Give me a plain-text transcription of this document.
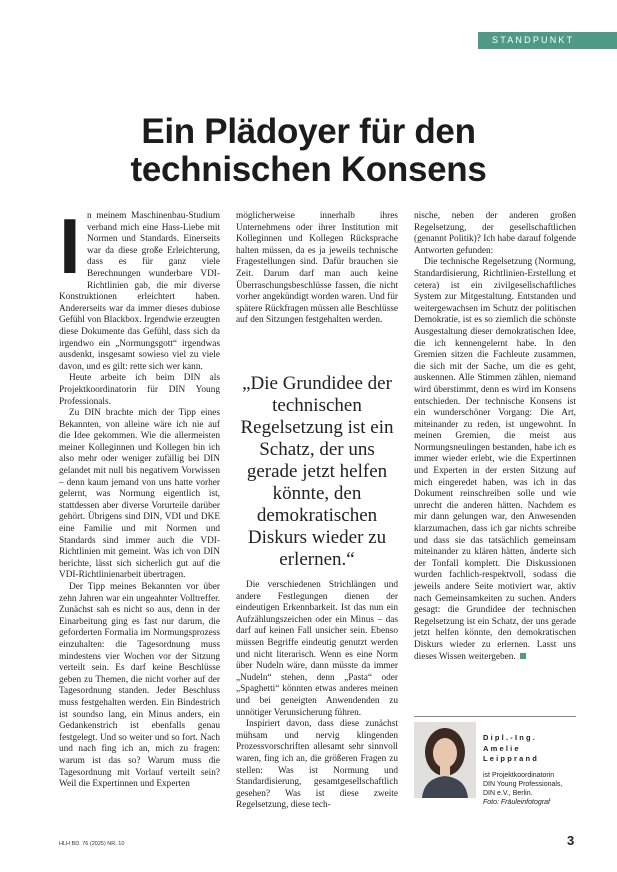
STANDPUNKT
Ein Plädoyer für den
technischen Konsens
I n meinem Maschinenbau-Studium verband mich eine Hass-Liebe mit Normen und Standards. Einerseits war da diese große Erleichterung, dass es für ganz viele Berechnungen wunderbare VDI-Richtlinien gab, die mir diverse Konstruktionen erleichtert haben. Andererseits war da immer dieses dubiose Gefühl von Blackbox. Irgendwie erzeugten diese Dokumente das Gefühl, dass sich da irgendwo ein „Normungsgott“ irgendwas ausdenkt, insgesamt sowieso viel zu viele davon, und es gilt: rette sich wer kann.

Heute arbeite ich beim DIN als Projektkoordinatorin für DIN Young Professionals.

Zu DIN brachte mich der Tipp eines Bekannten, von alleine wäre ich nie auf die Idee gekommen. Wie die allermeisten meiner Kolleginnen und Kollegen bin ich also mehr oder weniger zufällig bei DIN gelandet mit null bis negativem Vorwissen – denn kaum jemand von uns hatte vorher gelernt, was Normung eigentlich ist, stattdessen aber diverse Vorurteile darüber gehört. Übrigens sind DIN, VDI und DKE eine Familie und mit Normen und Standards sind immer auch die VDI-Richtlinien mit gemeint. Was ich von DIN berichte, lässt sich sicherlich gut auf die VDI-Richtlinienarbeit übertragen.

Der Tipp meines Bekannten vor über zehn Jahren war ein ungeahnter Volltreffer. Zunächst sah es nicht so aus, denn in der Einarbeitung ging es fast nur darum, die geforderten Formalia im Normungsprozess einzuhalten: die Tagesordnung muss mindestens vier Wochen vor der Sitzung verteilt sein. Es darf keine Beschlüsse geben zu Themen, die nicht vorher auf der Tagesordnung standen. Jeder Beschluss muss festgehalten werden. Ein Bindestrich ist soundso lang, ein Minus anders, ein Gedankenstrich ist ebenfalls genau festgelegt. Und so weiter und so fort. Nach und nach fing ich an, mich zu fragen: warum ist das so? Warum muss die Tagesordnung mit Vorlauf verteilt sein? Weil die Expertinnen und Experten

möglicherweise innerhalb ihres Unternehmens oder ihrer Institution mit Kolleginnen und Kollegen Rücksprache halten müssen, da es ja jeweils technische Fragestellungen sind. Dafür brauchen sie Zeit. Darum darf man auch keine Überraschungsbeschlüsse fassen, die nicht vorher angekündigt worden waren. Und für spätere Rückfragen müssen alle Beschlüsse auf den Sitzungen festgehalten werden.

„Die Grundidee der technischen Regelsetzung ist ein Schatz, der uns gerade jetzt helfen könnte, den demokratischen Diskurs wieder zu erlernen.“

Die verschiedenen Strichlängen und andere Festlegungen dienen der eindeutigen Erkennbarkeit. Ist das nun ein Aufzählungszeichen oder ein Minus – das darf auf keinen Fall unsicher sein. Ebenso müssen Begriffe eindeutig genutzt werden und nicht literarisch. Wenn es eine Norm über Nudeln wäre, dann müsste da immer „Nudeln“ stehen, denn „Pasta“ oder „Spaghetti“ könnten etwas anderes meinen und bei geneigten Anwendenden zu unnötiger Verunsicherung führen.

Inspiriert davon, dass diese zunächst mühsam und nervig klingenden Prozessvorschriften allesamt sehr sinnvoll waren, fing ich an, die größeren Fragen zu stellen: Was ist Normung und Standardisierung, gesamtgesellschaftlich gesehen? Was ist diese zweite Regelsetzung, diese tech-

nische, neben der anderen großen Regelsetzung, der gesellschaftlichen (genannt Politik)? Ich habe darauf folgende Antworten gefunden:

Die technische Regelsetzung (Normung, Standardisierung, Richtlinien-Erstellung et cetera) ist ein zivilgesellschaftliches System zur Mitgestaltung. Entstanden und weitergewachsen im Schutz der politischen Demokratie, ist es so ziemlich die schönste Ausgestaltung dieser demokratischen Idee, die ich kennengelernt habe. In den Gremien sitzen die Fachleute zusammen, die sich mit der Sache, um die es geht, auskennen. Alle Stimmen zählen, niemand wird überstimmt, denn es wird im Konsens entschieden. Der technische Konsens ist ein wunderschöner Vorgang: Die Art, miteinander zu reden, ist ungewohnt. In meinen Gremien, die meist aus Normungsneulingen bestanden, habe ich es immer wieder erlebt, wie die Expertinnen und Experten in der ersten Sitzung auf mich eingeredet haben, was ich in das Dokument reinschreiben solle und wie unrecht die anderen hätten. Nachdem es mir dann gelungen war, den Anwesenden klarzumachen, dass ich gar nichts schreibe und dass sie das tatsächlich gemeinsam miteinander zu klären hätten, änderte sich der Tonfall komplett. Die Diskussionen wurden fachlich-respektvoll, sodass die jeweils andere Seite motiviert war, aktiv nach Gemeinsamkeiten zu suchen. Anders gesagt: die Grundidee der technischen Regelsetzung ist ein Schatz, der uns gerade jetzt helfen könnte, den demokratischen Diskurs wieder zu erlernen. Lasst uns dieses Wissen weitergeben.

Dipl.-Ing.

Amelie

Leipprand

ist Projektkoordinatorin
DIN Young Professionals,
DIN e.V., Berlin.

Foto: Fräuleinfotograf

HLH BD. 76 (2025) NR. 10	3
